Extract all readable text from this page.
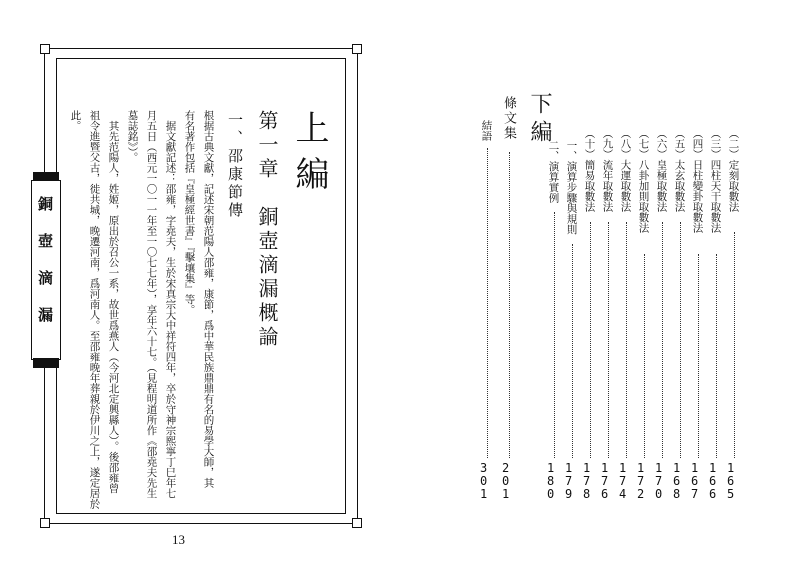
銅壺滴漏
上編
第一章　銅壺滴漏概論
一、邵康節傳
根据古典文獻，記述宋朝范陽人邵雍，康節，爲中華民族鼎鼎有名的易學大師，其
有名著作包括『皇極經世書』『擊壤集』等。
　据文獻記述：邵雍，字堯夫，生於宋真宗大中祥符四年，卒於守神宗熙寧丁巳年七
月五日（西元一〇一一年至一〇七七年），享年六十七。（見程明道所作《邵堯夫先生
墓誌銘》）。
　其先范陽人，姓姬，原出於召公一系，故世爲燕人（今河北定興縣人）。後邵雍曾
祖令進暨父古，徙共城，晚遷河南，爲河南人。至邵雍晚年葬親於伊川之上，遂定居於
此。
13
下編
（二）定刻取數法
1
6
5
（三）四柱天干取數法
1
6
6
（四）日柱變卦取數法
1
6
7
（五）太玄取數法
1
6
8
（六）皇極取數法
1
7
0
（七）八卦加則取數法
1
7
2
（八）大運取數法
1
7
4
（九）流年取數法
1
7
6
（十）簡易取數法
1
7
8
一、演算步驟與規則
1
7
9
二、演算實例
1
8
0
條文集
2
0
1
結語
3
0
1
